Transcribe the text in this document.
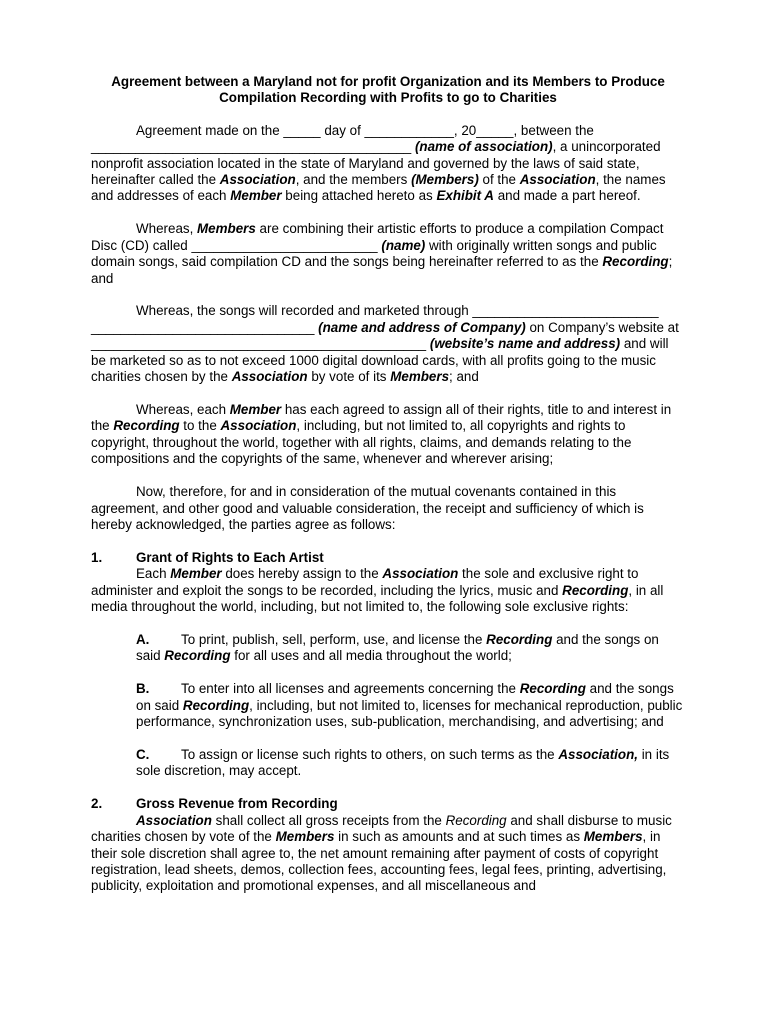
Agreement between a Maryland not for profit Organization and its Members to Produce
Compilation Recording with Profits to go to Charities

Agreement made on the _____ day of ____________, 20_____, between the ___________________________________________ (name of association), a unincorporated nonprofit association located in the state of Maryland and governed by the laws of said state, hereinafter called the Association, and the members (Members) of the Association, the names and addresses of each Member being attached hereto as Exhibit A and made a part hereof.

Whereas, Members are combining their artistic efforts to produce a compilation Compact Disc (CD) called _________________________ (name) with originally written songs and public domain songs, said compilation CD and the songs being hereinafter referred to as the Recording; and

Whereas, the songs will recorded and marketed through _________________________ ______________________________ (name and address of Company) on Company’s website at _____________________________________________ (website’s name and address) and will be marketed so as to not exceed 1000 digital download cards, with all profits going to the music charities chosen by the Association by vote of its Members; and

Whereas, each Member has each agreed to assign all of their rights, title to and interest in the Recording to the Association, including, but not limited to, all copyrights and rights to copyright, throughout the world, together with all rights, claims, and demands relating to the compositions and the copyrights of the same, whenever and wherever arising;

Now, therefore, for and in consideration of the mutual covenants contained in this agreement, and other good and valuable consideration, the receipt and sufficiency of which is hereby acknowledged, the parties agree as follows:

1.	Grant of Rights to Each Artist
Each Member does hereby assign to the Association the sole and exclusive right to administer and exploit the songs to be recorded, including the lyrics, music and Recording, in all media throughout the world, including, but not limited to, the following sole exclusive rights:

A. To print, publish, sell, perform, use, and license the Recording and the songs on said Recording for all uses and all media throughout the world;

B. To enter into all licenses and agreements concerning the Recording and the songs on said Recording, including, but not limited to, licenses for mechanical reproduction, public performance, synchronization uses, sub-publication, merchandising, and advertising; and

C. To assign or license such rights to others, on such terms as the Association, in its sole discretion, may accept.

2.	Gross Revenue from Recording
Association shall collect all gross receipts from the Recording and shall disburse to music charities chosen by vote of the Members in such as amounts and at such times as Members, in their sole discretion shall agree to, the net amount remaining after payment of costs of copyright registration, lead sheets, demos, collection fees, accounting fees, legal fees, printing, advertising, publicity, exploitation and promotional expenses, and all miscellaneous and
